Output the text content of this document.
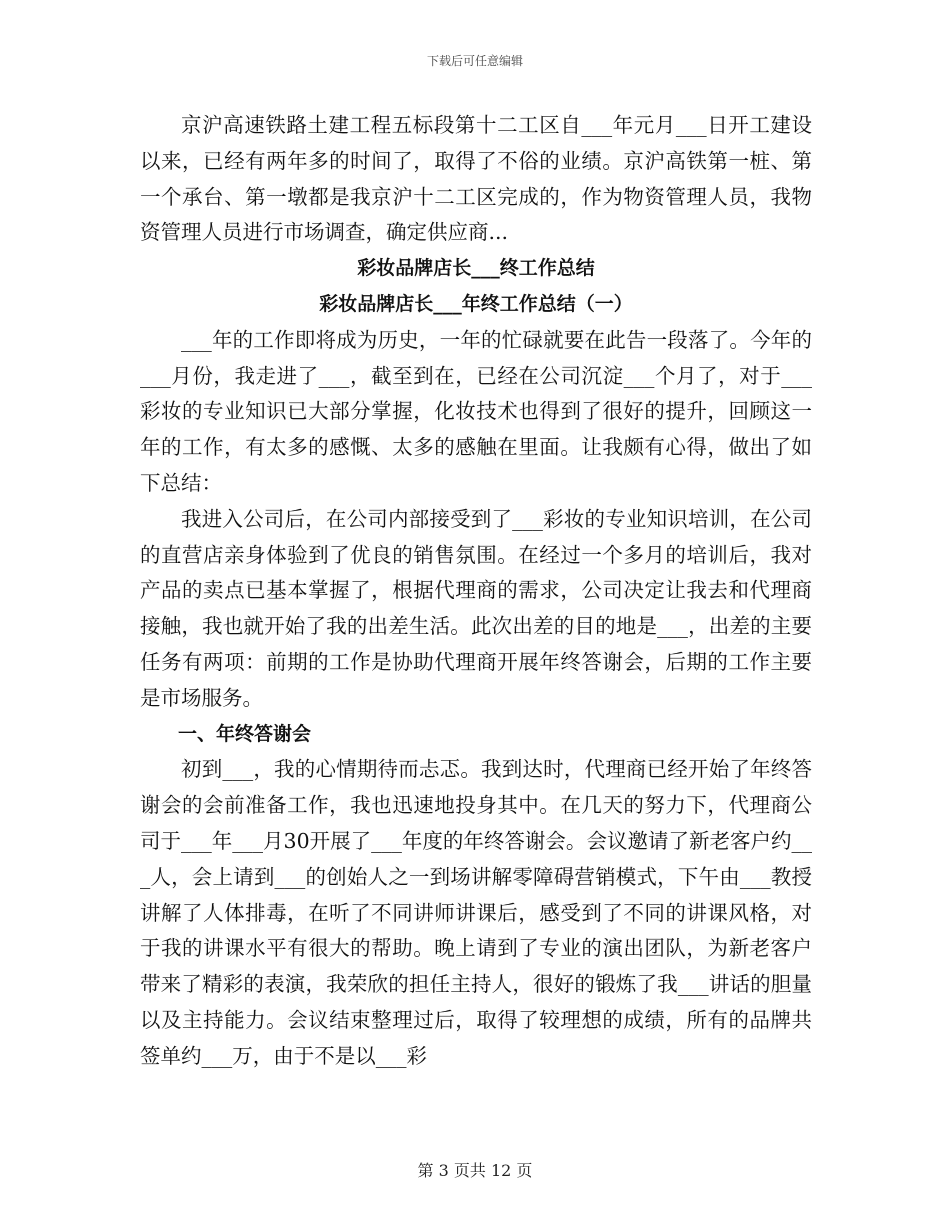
下载后可任意编辑

京沪高速铁路土建工程五标段第十二工区自___年元月___日开工建设以来，已经有两年多的时间了，取得了不俗的业绩。京沪高铁第一桩、第一个承台、第一墩都是我京沪十二工区完成的，作为物资管理人员，我物资管理人员进行市场调查，确定供应商...

彩妆品牌店长___终工作总结

彩妆品牌店长___年终工作总结（一）

___年的工作即将成为历史，一年的忙碌就要在此告一段落了。今年的___月份，我走进了___，截至到在，已经在公司沉淀___个月了，对于___彩妆的专业知识已大部分掌握，化妆技术也得到了很好的提升，回顾这一年的工作，有太多的感慨、太多的感触在里面。让我颇有心得，做出了如下总结：

我进入公司后，在公司内部接受到了___彩妆的专业知识培训，在公司的直营店亲身体验到了优良的销售氛围。在经过一个多月的培训后，我对产品的卖点已基本掌握了，根据代理商的需求，公司决定让我去和代理商接触，我也就开始了我的出差生活。此次出差的目的地是___，出差的主要任务有两项：前期的工作是协助代理商开展年终答谢会，后期的工作主要是市场服务。

一、年终答谢会

初到___，我的心情期待而忐忑。我到达时，代理商已经开始了年终答谢会的会前准备工作，我也迅速地投身其中。在几天的努力下，代理商公司于___年___月30开展了___年度的年终答谢会。会议邀请了新老客户约___人，会上请到___的创始人之一到场讲解零障碍营销模式，下午由___教授讲解了人体排毒，在听了不同讲师讲课后，感受到了不同的讲课风格，对于我的讲课水平有很大的帮助。晚上请到了专业的演出团队，为新老客户带来了精彩的表演，我荣欣的担任主持人，很好的锻炼了我___讲话的胆量以及主持能力。会议结束整理过后，取得了较理想的成绩，所有的品牌共签单约___万，由于不是以___彩

第 3 页共 12 页
